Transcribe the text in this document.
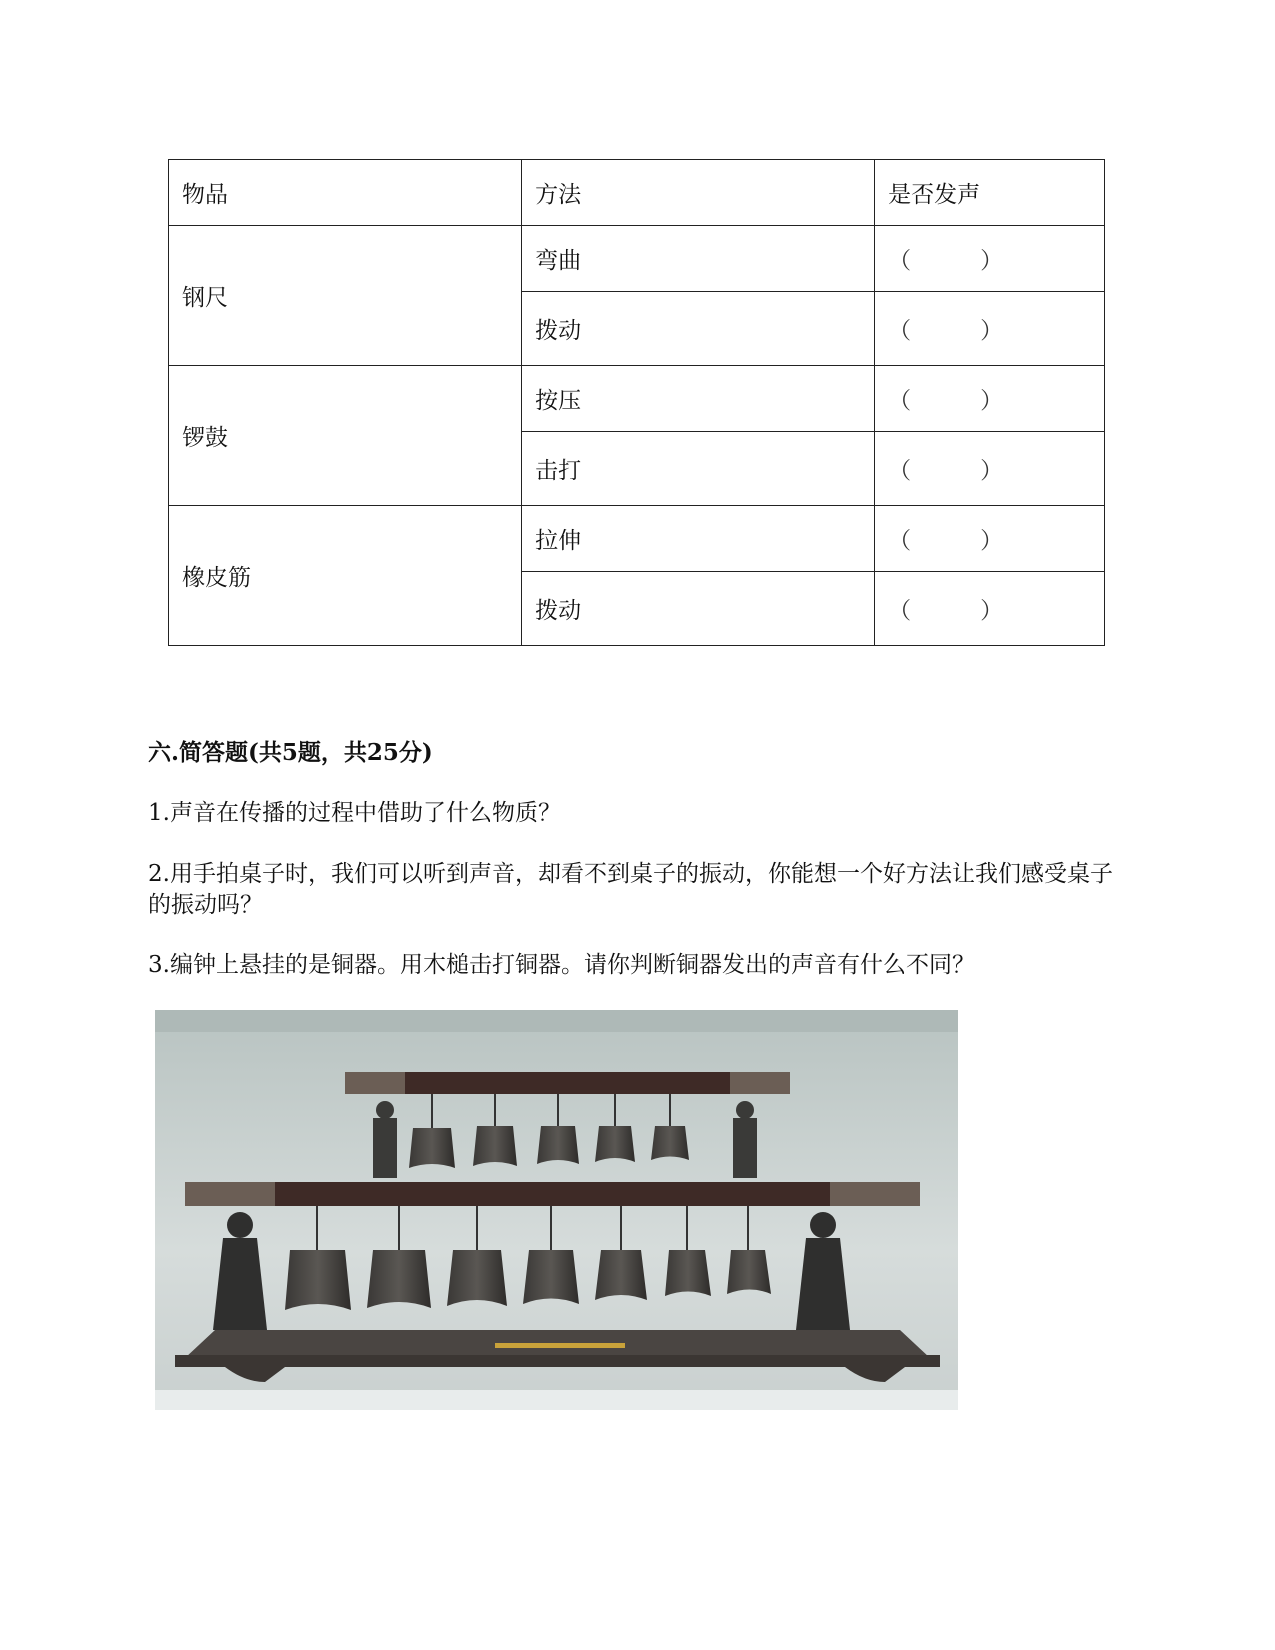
物品	方法	是否发声
钢尺	弯曲	（　　　）
	拨动	（　　　）
锣鼓	按压	（　　　）
	击打	（　　　）
橡皮筋	拉伸	（　　　）
	拨动	（　　　）
六.简答题(共5题，共25分)
1.声音在传播的过程中借助了什么物质？
2.用手拍桌子时，我们可以听到声音，却看不到桌子的振动，你能想一个好方法让我们感受桌子的振动吗？
3.编钟上悬挂的是铜器。用木槌击打铜器。请你判断铜器发出的声音有什么不同？
